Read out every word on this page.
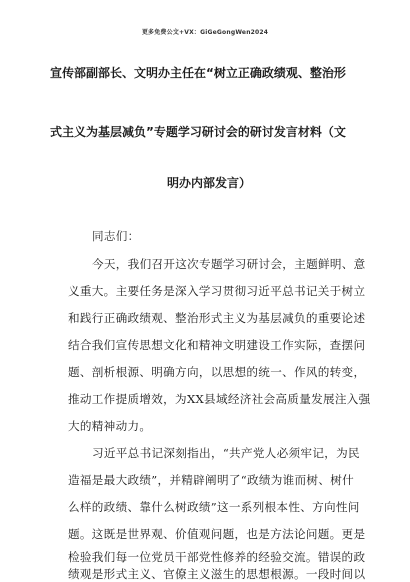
更多免费公文+VX：GiGeGongWen2024
宣传部副部长、文明办主任在“树立正确政绩观、整治形
式主义为基层减负”专题学习研讨会的研讨发言材料（文
明办内部发言）
同志们：
今天，我们召开这次专题学习研讨会，主题鲜明、意
义重大。主要任务是深入学习贯彻习近平总书记关于树立
和践行正确政绩观、整治形式主义为基层减负的重要论述
结合我们宣传思想文化和精神文明建设工作实际，查摆问
题、剖析根源、明确方向，以思想的统一、作风的转变，
推动工作提质增效，为XX县域经济社会高质量发展注入强
大的精神动力。
习近平总书记深刻指出，“共产党人必须牢记，为民
造福是最大政绩”，并精辟阐明了“政绩为谁而树、树什
么样的政绩、靠什么树政绩”这一系列根本性、方向性问
题。这既是世界观、价值观问题，也是方法论问题。更是
检验我们每一位党员干部党性修养的经验交流。错误的政
绩观是形式主义、官僚主义滋生的思想根源。一段时间以
